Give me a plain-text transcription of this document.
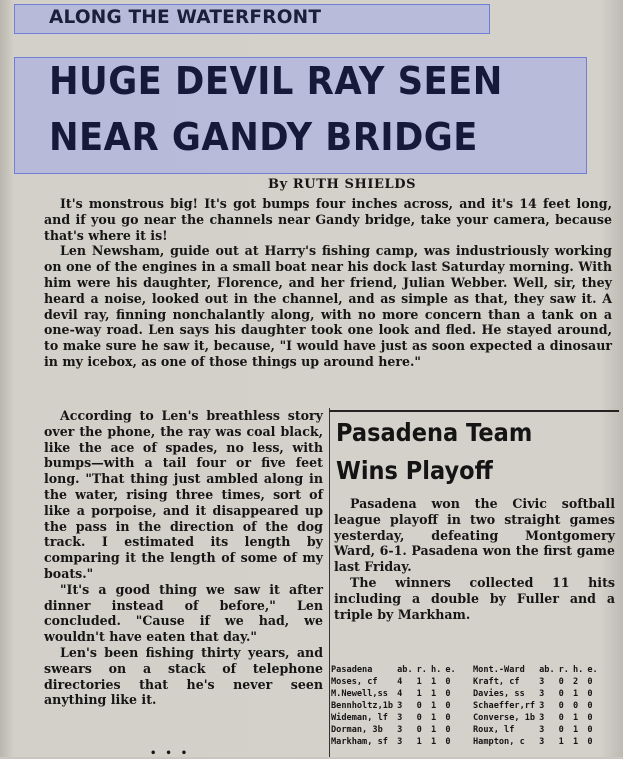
ALONG THE WATERFRONT
HUGE DEVIL RAY SEEN
NEAR GANDY BRIDGE
By RUTH SHIELDS

It's monstrous big! It's got bumps four inches across, and it's 14 feet long, and if you go near the channels near Gandy bridge, take your camera, because that's where it is!

Len Newsham, guide out at Harry's fishing camp, was industriously working on one of the engines in a small boat near his dock last Saturday morning. With him were his daughter, Florence, and her friend, Julian Webber. Well, sir, they heard a noise, looked out in the channel, and as simple as that, they saw it. A devil ray, finning nonchalantly along, with no more concern than a tank on a one-way road. Len says his daughter took one look and fled. He stayed around, to make sure he saw it, because, "I would have just as soon expected a dinosaur in my icebox, as one of those things up around here."

According to Len's breathless story over the phone, the ray was coal black, like the ace of spades, no less, with bumps—with a tail four or five feet long. "That thing just ambled along in the water, rising three times, sort of like a porpoise, and it disappeared up the pass in the direction of the dog track. I estimated its length by comparing it the length of some of my boats."

"It's a good thing we saw it after dinner instead of before," Len concluded. "Cause if we had, we wouldn't have eaten that day."

Len's been fishing thirty years, and swears on a stack of telephone directories that he's never seen anything like it.

Pasadena Team
Wins Playoff

Pasadena won the Civic softball league playoff in two straight games yesterday, defeating Montgomery Ward, 6-1. Pasadena won the first game last Friday.

The winners collected 11 hits including a double by Fuller and a triple by Markham.

Pasadena	ab.	r.	h.	e.
Moses, cf	4	1	1	0
M.Newell,ss	4	1	1	0
Bennholtz,1b	3	0	1	0
Wideman, lf	3	0	1	0
Dorman, 3b	3	0	1	0
Markham, sf	3	1	1	0
Mont.-Ward	ab.	r.	h.	e.
Kraft, cf	3	0	2	0
Davies, ss	3	0	1	0
Schaeffer,rf	3	0	0	0
Converse, 1b	3	0	1	0
Roux, lf	3	0	1	0
Hampton, c	3	1	1	0
•••
